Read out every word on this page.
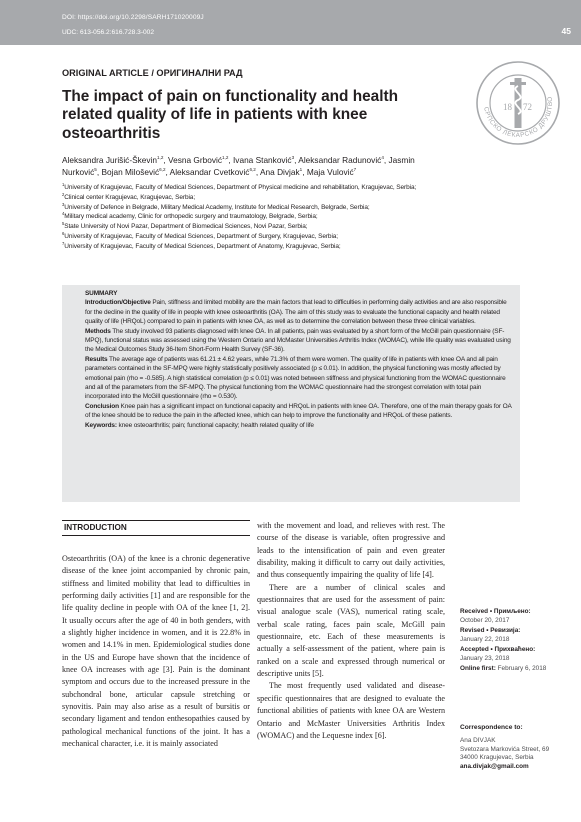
DOI: https://doi.org/10.2298/SARH171020009J
UDC: 613-056.2:616.728.3-002	45
ORIGINAL ARTICLE / ОРИГИНАЛНИ РАД
The impact of pain on functionality and health related quality of life in patients with knee osteoarthritis
СРПСКО ЛЕКАРСКО ДРУШТВО
18 72
Aleksandra Jurišić-Škevin$^{1,2}$, Vesna Grbović$^{1,2}$, Ivana Stanković$^3$, Aleksandar Radunović$^4$, Jasmin Nurković$^5$, Bojan Milošević$^{6,2}$, Aleksandar Cvetković$^{6,2}$, Ana Divjak$^1$, Maja Vulović$^7$
$^1$University of Kragujevac, Faculty of Medical Sciences, Department of Physical medicine and rehabilitation, Kragujevac, Serbia;
$^2$Clinical center Kragujevac, Kragujevac, Serbia;
$^3$University of Defence in Belgrade, Military Medical Academy, Institute for Medical Research, Belgrade, Serbia;
$^4$Military medical academy, Clinic for orthopedic surgery and traumatology, Belgrade, Serbia;
$^5$State University of Novi Pazar, Department of Biomedical Sciences, Novi Pazar, Serbia;
$^6$University of Kragujevac, Faculty of Medical Sciences, Department of Surgery, Kragujevac, Serbia;
$^7$University of Kragujevac, Faculty of Medical Sciences, Department of Anatomy, Kragujevac, Serbia;
SUMMARY

Introduction/Objective Pain, stiffness and limited mobility are the main factors that lead to difficulties in performing daily activities and are also responsible for the decline in the quality of life in people with knee osteoarthritis (OA). The aim of this study was to evaluate the functional capacity and health related quality of life (HRQoL) compared to pain in patients with knee OA, as well as to determine the correlation between these three clinical variables.

Methods The study involved 93 patients diagnosed with knee OA. In all patients, pain was evaluated by a short form of the McGill pain questionnaire (SF-MPQ), functional status was assessed using the Western Ontario and McMaster Universities Arthritis Index (WOMAC), while life quality was evaluated using the Medical Outcomes Study 36-Item Short-Form Health Survey (SF-36).

Results The average age of patients was 61.21 ± 4.62 years, while 71.3% of them were women. The quality of life in patients with knee OA and all pain parameters contained in the SF-MPQ were highly statistically positively associated (p ≤ 0.01). In addition, the physical functioning was mostly affected by emotional pain (rho = -0.585). A high statistical correlation (p ≤ 0.01) was noted between stiffness and physical functioning from the WOMAC questionnaire and all of the parameters from the SF-MPQ. The physical functioning from the WOMAC questionnaire had the strongest correlation with total pain incorporated into the McGill questionnaire (rho = 0.530).

Conclusion Knee pain has a significant impact on functional capacity and HRQoL in patients with knee OA. Therefore, one of the main therapy goals for OA of the knee should be to reduce the pain in the affected knee, which can help to improve the functionality and HRQoL of these patients.

Keywords: knee osteoarthritis; pain; functional capacity; health related quality of life

INTRODUCTION

Osteoarthritis (OA) of the knee is a chronic degenerative disease of the knee joint accompanied by chronic pain, stiffness and limited mobility that lead to difficulties in performing daily activities [1] and are responsible for the life quality decline in people with OA of the knee [1, 2]. It usually occurs after the age of 40 in both genders, with a slightly higher incidence in women, and it is 22.8% in women and 14.1% in men. Epidemiological studies done in the US and Europe have shown that the incidence of knee OA increases with age [3]. Pain is the dominant symptom and occurs due to the increased pressure in the subchondral bone, articular capsule stretching or synovitis. Pain may also arise as a result of bursitis or secondary ligament and tendon enthesopathies caused by pathological mechanical functions of the joint. It has a mechanical character, i.e. it is mainly associated

with the movement and load, and relieves with rest. The course of the disease is variable, often progressive and leads to the intensification of pain and even greater disability, making it difficult to carry out daily activities, and thus consequently impairing the quality of life [4].

There are a number of clinical scales and questionnaires that are used for the assessment of pain: visual analogue scale (VAS), numerical rating scale, verbal scale rating, faces pain scale, McGill pain questionnaire, etc. Each of these measurements is actually a self-assessment of the patient, where pain is ranked on a scale and expressed through numerical or descriptive units [5].

The most frequently used validated and disease-specific questionnaires that are designed to evaluate the functional abilities of patients with knee OA are Western Ontario and McMaster Universities Arthritis Index (WOMAC) and the Lequesne index [6].

Received • Примљено:
October 20, 2017
Revised • Ревизија:
January 22, 2018
Accepted • Прихваћено:
January 23, 2018
Online first: February 6, 2018
Correspondence to:
Ana DIVJAK
Svetozara Markovića Street, 69
34000 Kragujevac, Serbia
ana.divjak@gmail.com
